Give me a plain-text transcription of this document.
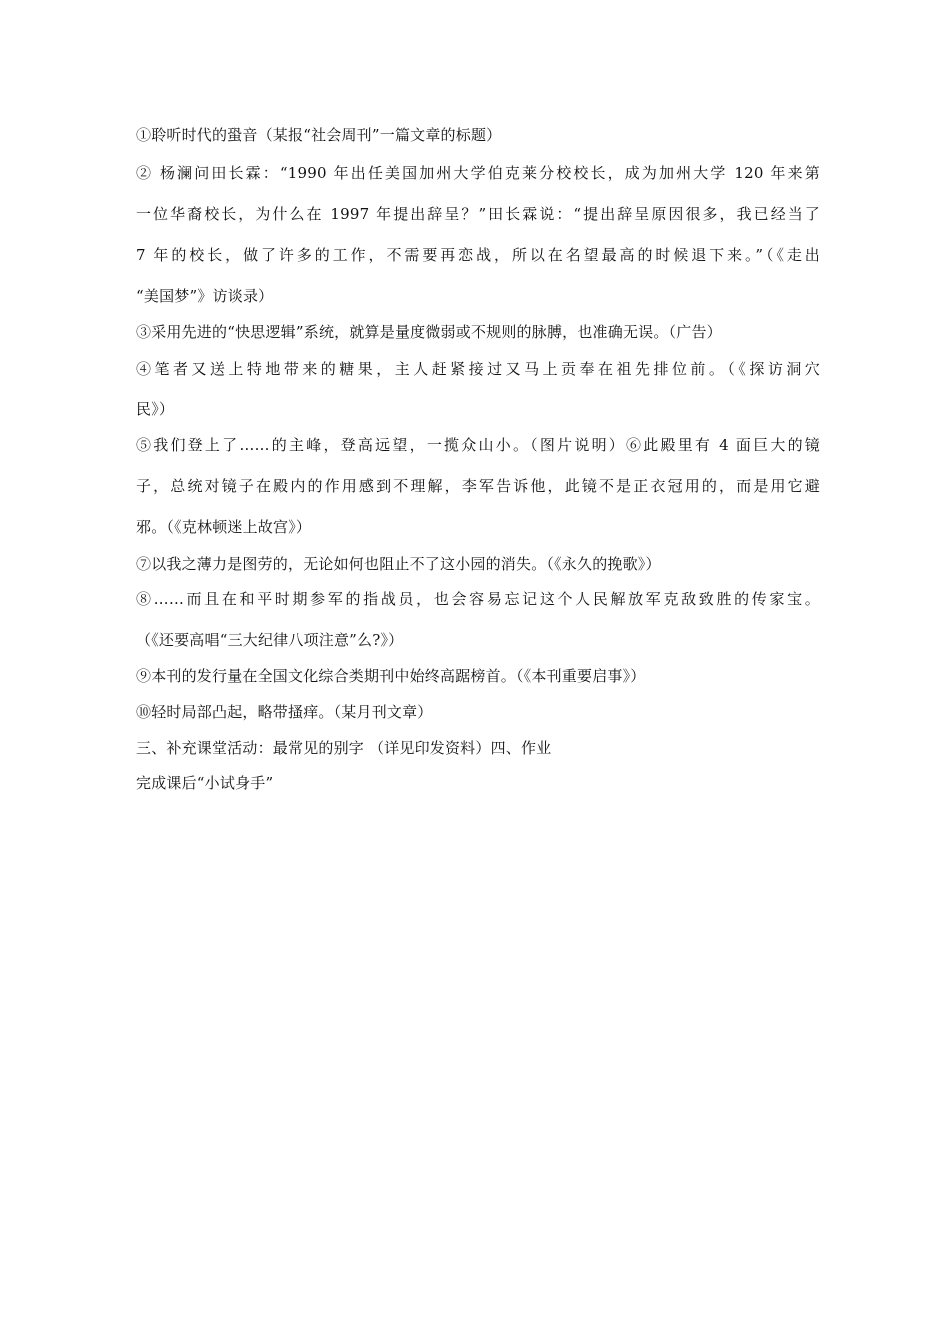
①聆听时代的蛩音（某报“社会周刊”一篇文章的标题）
② 杨澜问田长霖：“1990 年出任美国加州大学伯克莱分校校长，成为加州大学 120 年来第
一位华裔校长，为什么在 1997 年提出辞呈？”田长霖说：“提出辞呈原因很多，我已经当了
7 年的校长，做了许多的工作，不需要再恋战，所以在名望最高的时候退下来。”（《走出
“美国梦”》访谈录）
③采用先进的“快思逻辑”系统，就算是量度微弱或不规则的脉膊，也准确无误。（广告）
④笔者又送上特地带来的糖果，主人赶紧接过又马上贡奉在祖先排位前。（《探访洞穴
民》）
⑤我们登上了……的主峰，登高远望，一揽众山小。（图片说明）⑥此殿里有 4 面巨大的镜
子，总统对镜子在殿内的作用感到不理解，李军告诉他，此镜不是正衣冠用的，而是用它避
邪。（《克林顿迷上故宫》）
⑦以我之薄力是图劳的，无论如何也阻止不了这小园的消失。（《永久的挽歌》）
⑧……而且在和平时期参军的指战员，也会容易忘记这个人民解放军克敌致胜的传家宝。
（《还要高唱“三大纪律八项注意”么?》）
⑨本刊的发行量在全国文化综合类期刊中始终高踞榜首。（《本刊重要启事》）
⑩轻时局部凸起，略带搔痒。（某月刊文章）
三、补充课堂活动：最常见的别字 （详见印发资料）四、作业
完成课后“小试身手”
